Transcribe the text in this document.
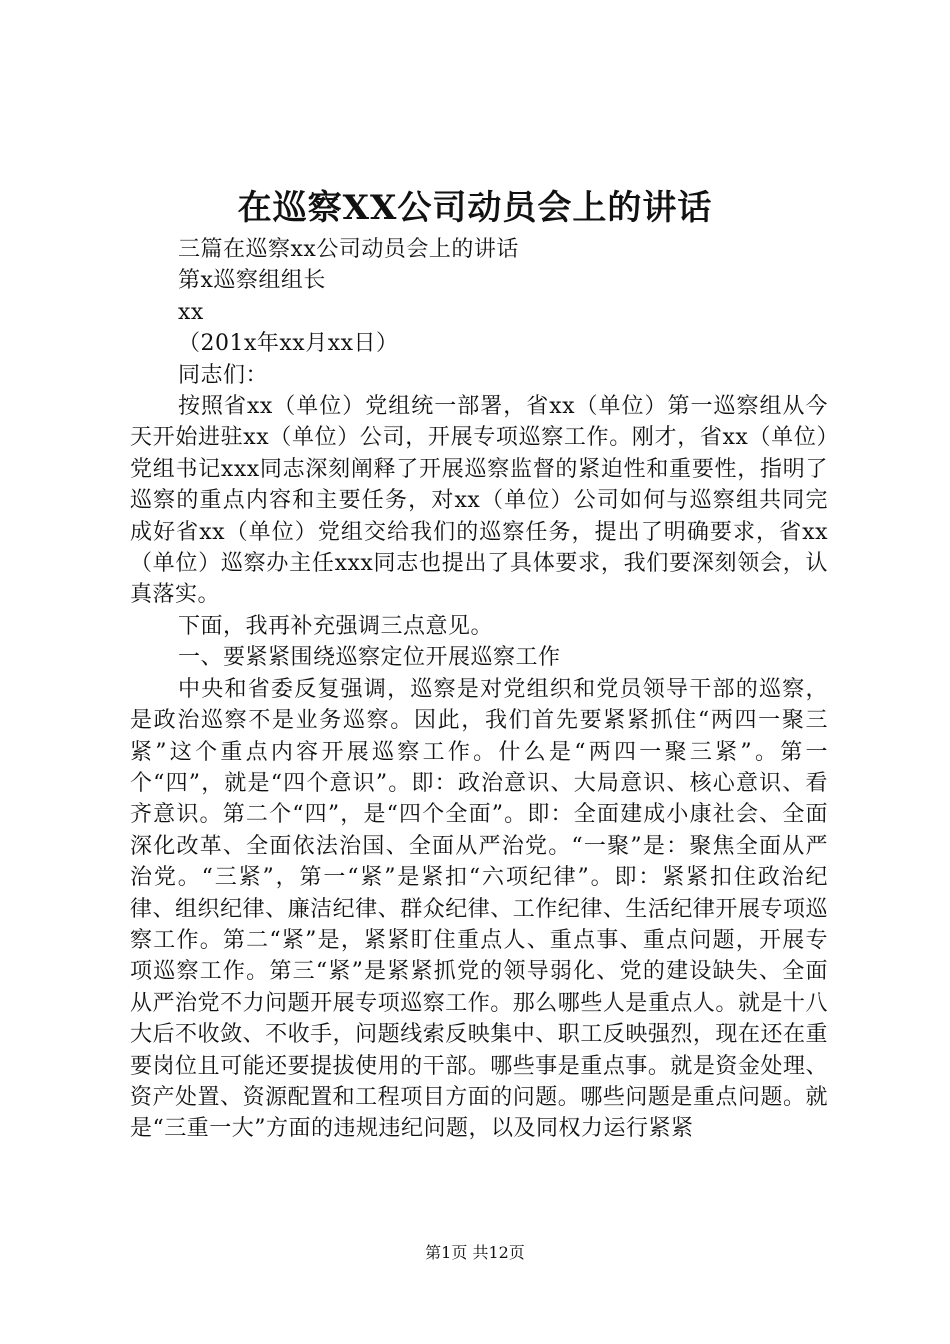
在巡察XX公司动员会上的讲话
三篇在巡察xx公司动员会上的讲话
第x巡察组组长
xx
（201x年xx月xx日）
同志们：

按照省xx（单位）党组统一部署，省xx（单位）第一巡察组从今天开始进驻xx（单位）公司，开展专项巡察工作。刚才，省xx（单位）党组书记xxx同志深刻阐释了开展巡察监督的紧迫性和重要性，指明了巡察的重点内容和主要任务，对xx（单位）公司如何与巡察组共同完成好省xx（单位）党组交给我们的巡察任务，提出了明确要求，省xx（单位）巡察办主任xxx同志也提出了具体要求，我们要深刻领会，认真落实。

下面，我再补充强调三点意见。

一、要紧紧围绕巡察定位开展巡察工作

中央和省委反复强调，巡察是对党组织和党员领导干部的巡察，是政治巡察不是业务巡察。因此，我们首先要紧紧抓住“两四一聚三紧”这个重点内容开展巡察工作。什么是“两四一聚三紧”。第一个“四”，就是“四个意识”。即：政治意识、大局意识、核心意识、看齐意识。第二个“四”，是“四个全面”。即：全面建成小康社会、全面深化改革、全面依法治国、全面从严治党。“一聚”是：聚焦全面从严治党。“三紧”，第一“紧”是紧扣“六项纪律”。即：紧紧扣住政治纪律、组织纪律、廉洁纪律、群众纪律、工作纪律、生活纪律开展专项巡察工作。第二“紧”是，紧紧盯住重点人、重点事、重点问题，开展专项巡察工作。第三“紧”是紧紧抓党的领导弱化、党的建设缺失、全面从严治党不力问题开展专项巡察工作。那么哪些人是重点人。就是十八大后不收敛、不收手，问题线索反映集中、职工反映强烈，现在还在重要岗位且可能还要提拔使用的干部。哪些事是重点事。就是资金处理、资产处置、资源配置和工程项目方面的问题。哪些问题是重点问题。就是“三重一大”方面的违规违纪问题，以及同权力运行紧紧

第1页 共12页
